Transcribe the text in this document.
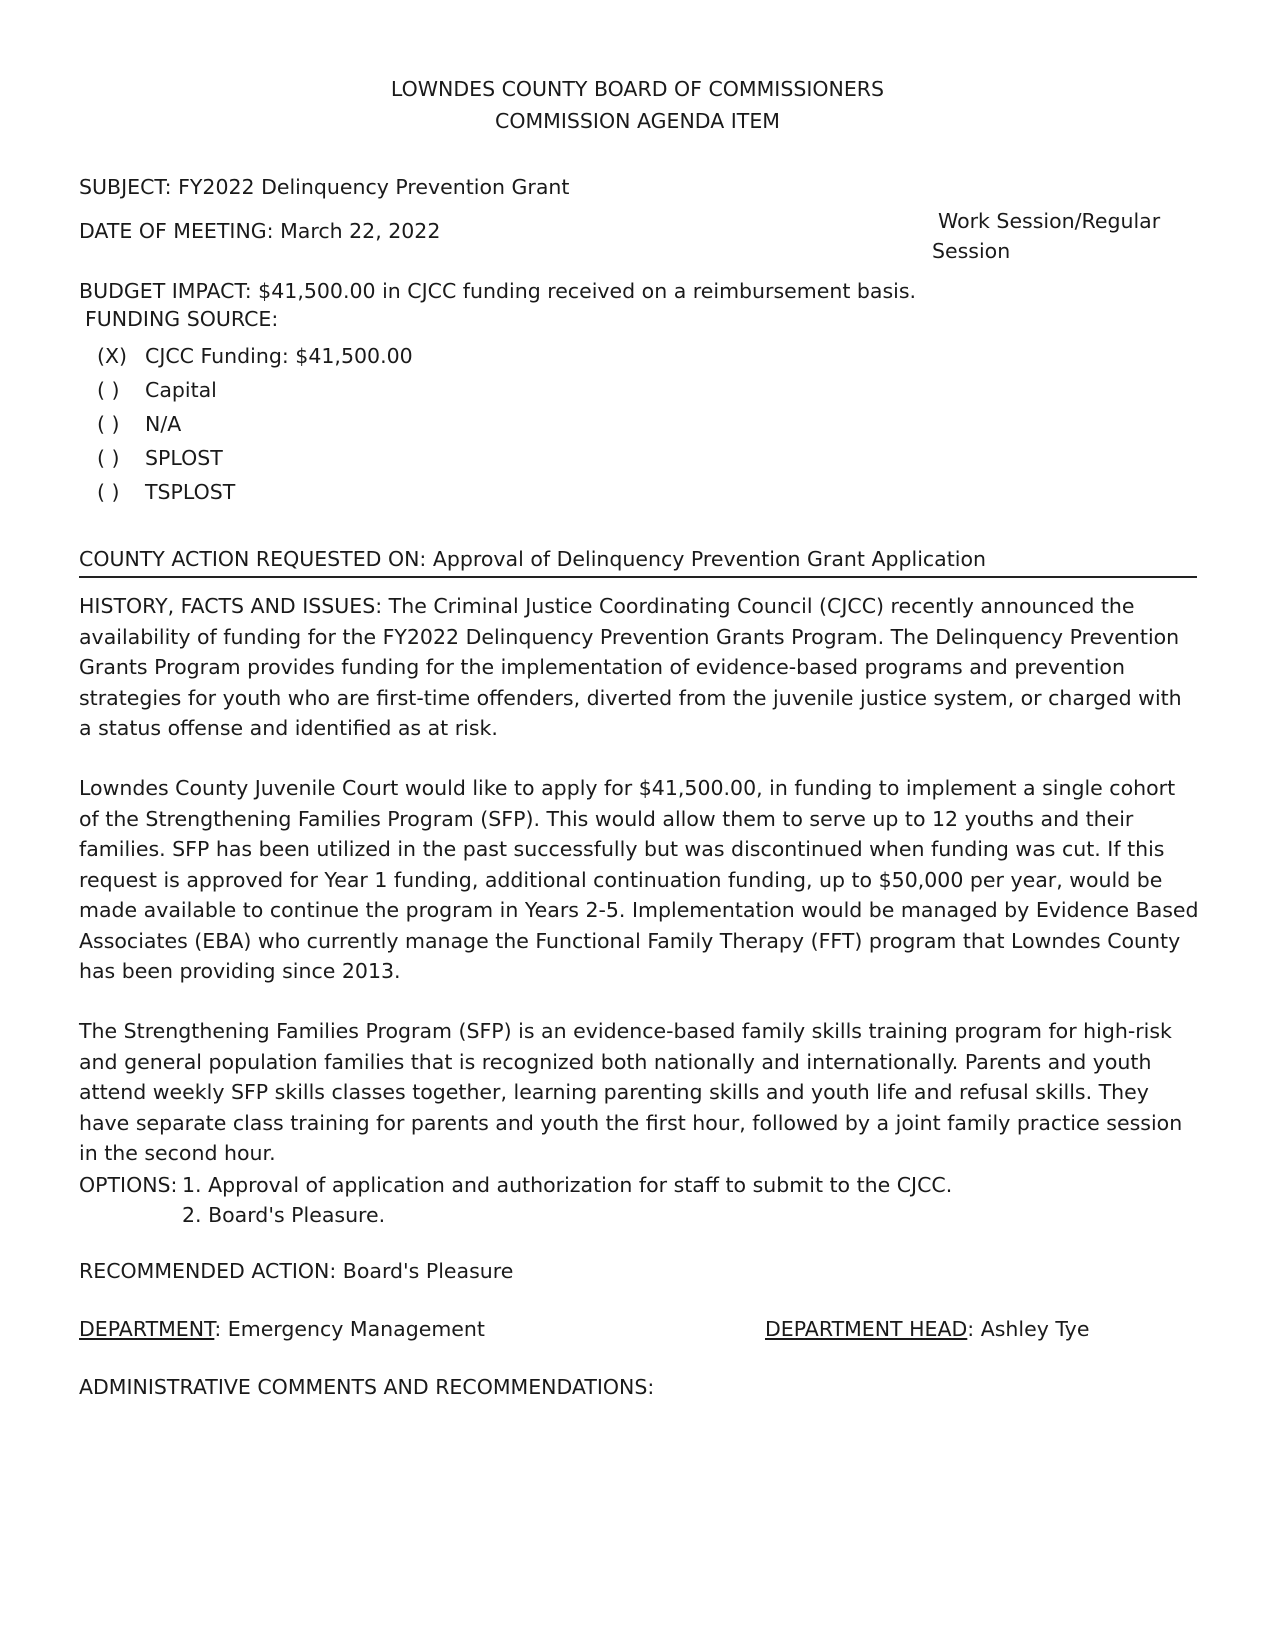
LOWNDES COUNTY BOARD OF COMMISSIONERS
COMMISSION AGENDA ITEM
SUBJECT: FY2022 Delinquency Prevention Grant
DATE OF MEETING: March 22, 2022	Work Session/Regular
Session
BUDGET IMPACT: $41,500.00 in CJCC funding received on a reimbursement basis.
FUNDING SOURCE:
(X) CJCC Funding: $41,500.00
( ) Capital
( ) N/A
( ) SPLOST
( ) TSPLOST
COUNTY ACTION REQUESTED ON: Approval of Delinquency Prevention Grant Application
HISTORY, FACTS AND ISSUES: The Criminal Justice Coordinating Council (CJCC) recently announced the availability of funding for the FY2022 Delinquency Prevention Grants Program. The Delinquency Prevention Grants Program provides funding for the implementation of evidence-based programs and prevention strategies for youth who are first-time offenders, diverted from the juvenile justice system, or charged with a status offense and identified as at risk.
Lowndes County Juvenile Court would like to apply for $41,500.00, in funding to implement a single cohort of the Strengthening Families Program (SFP). This would allow them to serve up to 12 youths and their families. SFP has been utilized in the past successfully but was discontinued when funding was cut. If this request is approved for Year 1 funding, additional continuation funding, up to $50,000 per year, would be made available to continue the program in Years 2-5. Implementation would be managed by Evidence Based Associates (EBA) who currently manage the Functional Family Therapy (FFT) program that Lowndes County has been providing since 2013.
The Strengthening Families Program (SFP) is an evidence-based family skills training program for high-risk and general population families that is recognized both nationally and internationally. Parents and youth attend weekly SFP skills classes together, learning parenting skills and youth life and refusal skills. They have separate class training for parents and youth the first hour, followed by a joint family practice session in the second hour.
OPTIONS: 1. Approval of application and authorization for staff to submit to the CJCC.
2. Board's Pleasure.
RECOMMENDED ACTION: Board's Pleasure
DEPARTMENT: Emergency Management	DEPARTMENT HEAD: Ashley Tye
ADMINISTRATIVE COMMENTS AND RECOMMENDATIONS:
